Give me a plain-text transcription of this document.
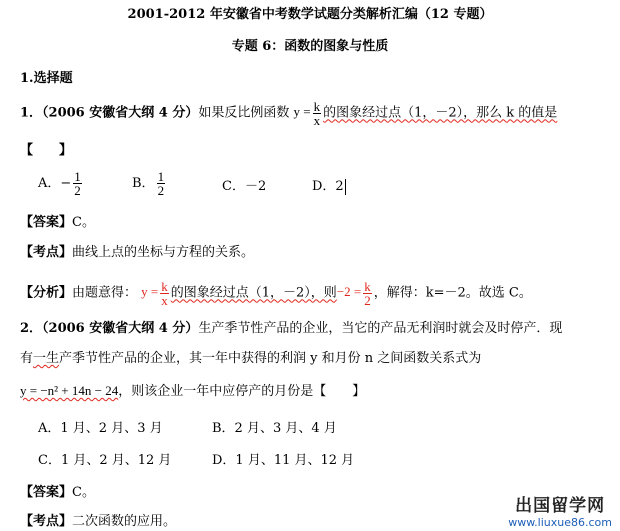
2001-2012 年安徽省中考数学试题分类解析汇编（12 专题）
专题 6：函数的图象与性质
1.选择题
1．（2006 安徽省大纲 4 分）如果反比例函数 $y = \frac{k}{x}$ 的图象经过点（1，－2），那么 k 的值是
【　　】
A．− $\frac{1}{2}$	B． $\frac{1}{2}$	C．－2	D．2
【答案】C。
【考点】曲线上点的坐标与方程的关系。
【分析】由题意得： $y = \frac{k}{x}$ 的图象经过点（1，－2），则$-2 = \frac{k}{2}$ ，解得：k=－2。故选 C。
2．（2006 安徽省大纲 4 分）生产季节性产品的企业，当它的产品无利润时就会及时停产．现
有一生产季节性产品的企业，其一年中获得的利润 y 和月份 n 之间函数关系式为
y = −n² + 14n − 24，则该企业一年中应停产的月份是【　　】
A．1 月、2 月、3 月	B．2 月、3 月、4 月
C．1 月、2 月、12 月	D．1 月、11 月、12 月
【答案】C。
【考点】二次函数的应用。
出国留学网
www.liuxue86.com
